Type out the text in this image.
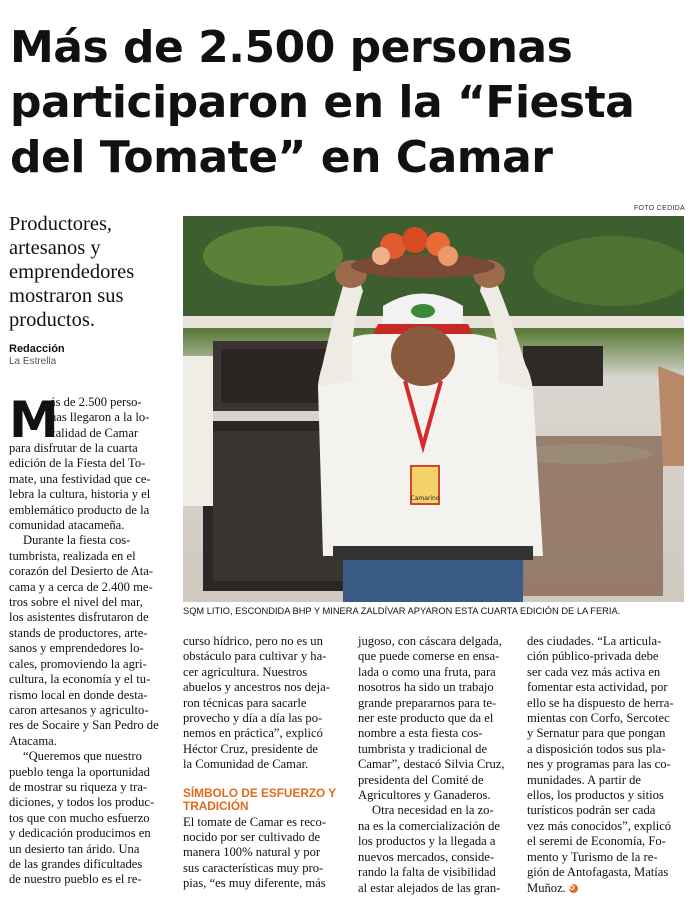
Más de 2.500 personas
participaron en la “Fiesta
del Tomate” en Camar
Productores,
artesanos y
emprendedores
mostraron sus
productos.
Redacción
La Estrella
FOTO CEDIDA
Camarino
SQM LITIO, ESCONDIDA BHP Y MINERA ZALDÍVAR APYARON ESTA CUARTA EDICIÓN DE LA FERIA.
M
ás de 2.500 perso-
nas llegaron a la lo-
calidad de Camar
para disfrutar de la cuarta
edición de la Fiesta del To-
mate, una festividad que ce-
lebra la cultura, historia y el
emblemático producto de la
comunidad atacameña.
Durante la fiesta cos-
tumbrista, realizada en el
corazón del Desierto de Ata-
cama y a cerca de 2.400 me-
tros sobre el nivel del mar,
los asistentes disfrutaron de
stands de productores, arte-
sanos y emprendedores lo-
cales, promoviendo la agri-
cultura, la economía y el tu-
rismo local en donde desta-
caron artesanos y agriculto-
res de Socaire y San Pedro de
Atacama.
“Queremos que nuestro
pueblo tenga la oportunidad
de mostrar su riqueza y tra-
diciones, y todos los produc-
tos que con mucho esfuerzo
y dedicación producimos en
un desierto tan árido. Una
de las grandes dificultades
de nuestro pueblo es el re-
curso hídrico, pero no es un
obstáculo para cultivar y ha-
cer agricultura. Nuestros
abuelos y ancestros nos deja-
ron técnicas para sacarle
provecho y día a día las po-
nemos en práctica”, explicó
Héctor Cruz, presidente de
la Comunidad de Camar.
SÍMBOLO DE ESFUERZO Y
TRADICIÓN
El tomate de Camar es reco-
nocido por ser cultivado de
manera 100% natural y por
sus características muy pro-
pias, “es muy diferente, más
jugoso, con cáscara delgada,
que puede comerse en ensa-
lada o como una fruta, para
nosotros ha sido un trabajo
grande prepararnos para te-
ner este producto que da el
nombre a esta fiesta cos-
tumbrista y tradicional de
Camar”, destacó Silvia Cruz,
presidenta del Comité de
Agricultores y Ganaderos.
Otra necesidad en la zo-
na es la comercialización de
los productos y la llegada a
nuevos mercados, conside-
rando la falta de visibilidad
al estar alejados de las gran-
des ciudades. “La articula-
ción público-privada debe
ser cada vez más activa en
fomentar esta actividad, por
ello se ha dispuesto de herra-
mientas con Corfo, Sercotec
y Sernatur para que pongan
a disposición todos sus pla-
nes y programas para las co-
munidades. A partir de
ellos, los productos y sitios
turísticos podrán ser cada
vez más conocidos”, explicó
el seremi de Economía, Fo-
mento y Turismo de la re-
gión de Antofagasta, Matías
Muñoz. ✪
